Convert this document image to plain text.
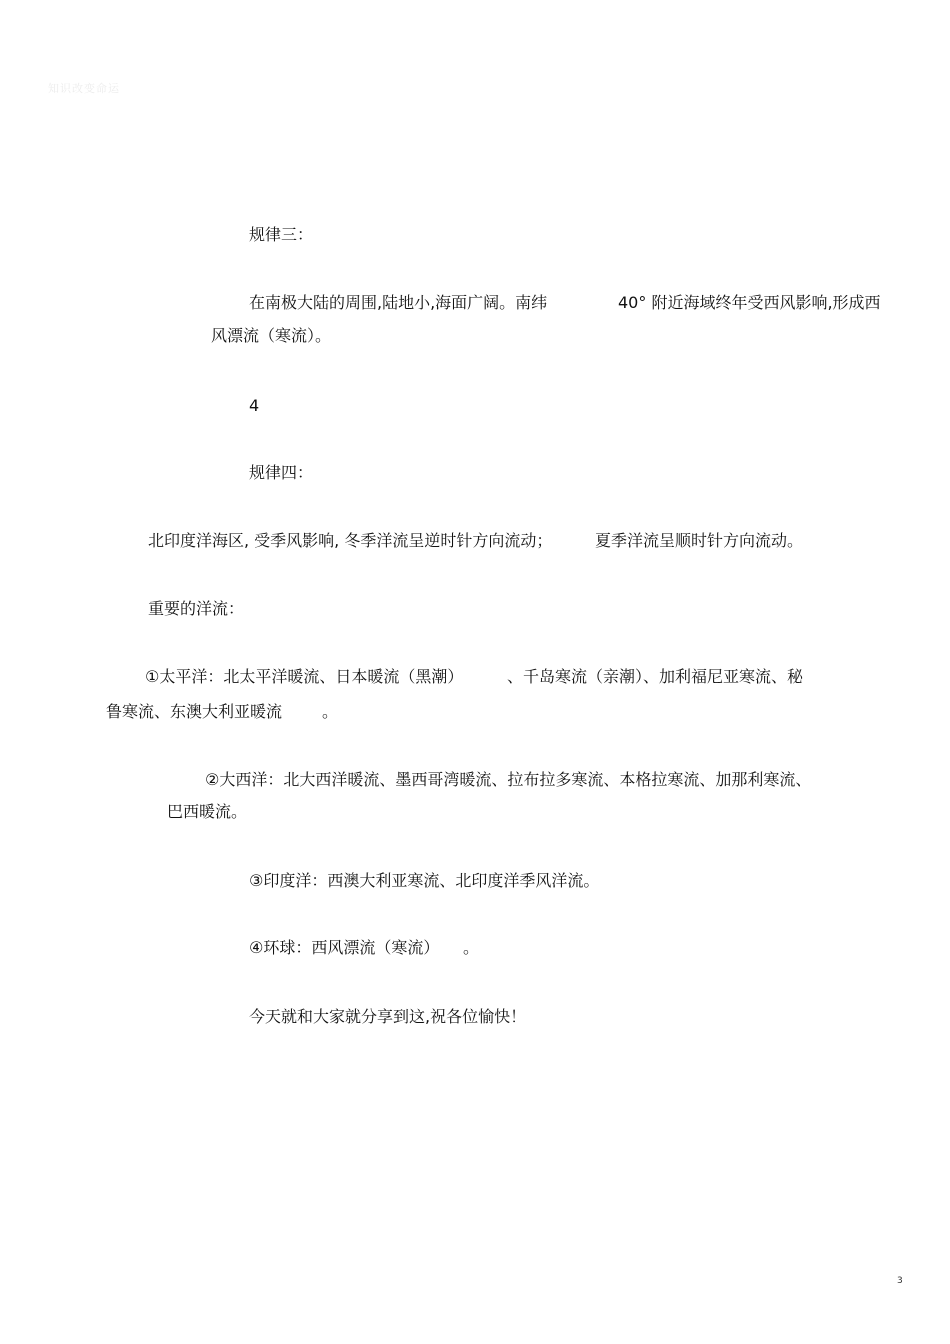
知识改变命运
规律三：
在南极大陆的周围,陆地小,海面广阔。南纬	40° 附近海域终年受西风影响,形成西
风漂流（寒流）。
4
规律四：
北印度洋海区, 受季风影响, 冬季洋流呈逆时针方向流动；	夏季洋流呈顺时针方向流动。
重要的洋流：
①太平洋：北太平洋暖流、日本暖流（黑潮）	、千岛寒流（亲潮）、加利福尼亚寒流、秘
鲁寒流、东澳大利亚暖流 。
②大西洋：北大西洋暖流、墨西哥湾暖流、拉布拉多寒流、本格拉寒流、加那利寒流、
巴西暖流。
③印度洋：西澳大利亚寒流、北印度洋季风洋流。
④环球：西风漂流（寒流） 。
今天就和大家就分享到这,祝各位愉快！
3
